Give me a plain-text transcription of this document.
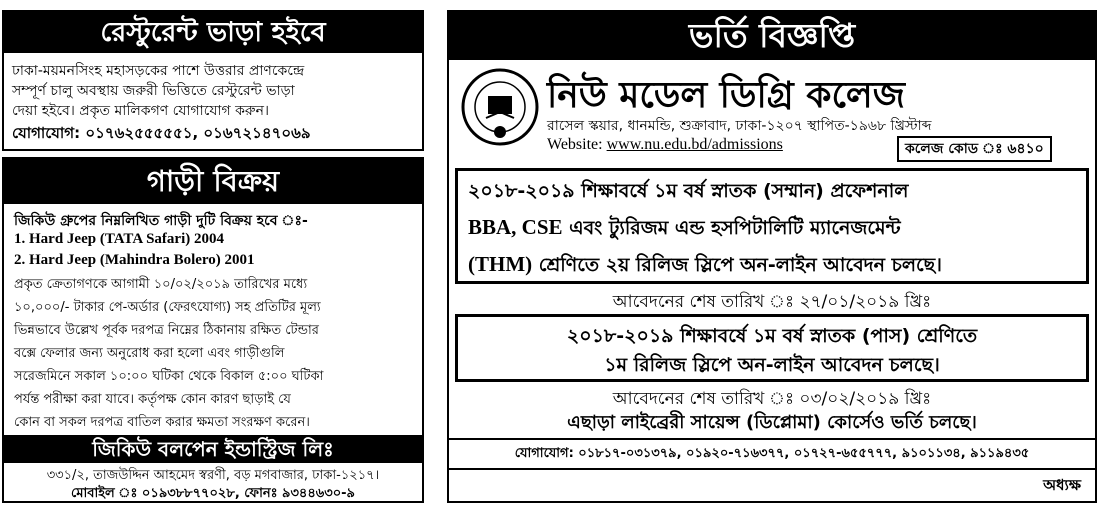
রেস্টুরেন্ট ভাড়া হইবে
ঢাকা-ময়মনসিংহ মহাসড়কের পাশে উত্তরার প্রাণকেন্দ্রে
সম্পূর্ণ চালু অবস্থায় জরুরী ভিত্তিতে রেস্টুরেন্ট ভাড়া
দেয়া হইবে। প্রকৃত মালিকগণ যোগাযোগ করুন।
যোগাযোগ: ০১৭৬২৫৫৫৫৫১, ০১৬৭২১৪৭০৬৯
গাড়ী বিক্রয়
জিকিউ গ্রুপের নিম্নলিখিত গাড়ী দুটি বিক্রয় হবে ঃ-
1. Hard Jeep (TATA Safari) 2004
2. Hard Jeep (Mahindra Bolero) 2001
প্রকৃত ক্রেতাগণকে আগামী ১০/০২/২০১৯ তারিখের মধ্যে
১০,০০০/- টাকার পে-অর্ডার (ফেরৎযোগ্য) সহ প্রতিটির মূল্য
ভিন্নভাবে উল্লেখ পূর্বক দরপত্র নিম্নের ঠিকানায় রক্ষিত টেন্ডার
বক্সে ফেলার জন্য অনুরোধ করা হলো এবং গাড়ীগুলি
সরেজমিনে সকাল ১০:০০ ঘটিকা থেকে বিকাল ৫:০০ ঘটিকা
পর্যন্ত পরীক্ষা করা যাবে। কর্তৃপক্ষ কোন কারণ ছাড়াই যে
কোন বা সকল দরপত্র বাতিল করার ক্ষমতা সংরক্ষণ করেন।
জিকিউ বলপেন ইন্ডাস্ট্রিজ লিঃ
৩৩১/২, তাজউদ্দিন আহমেদ স্বরণী, বড় মগবাজার, ঢাকা-১২১৭।
মোবাইল ঃ ০১৯৩৮৮৭৭০২৮, ফোনঃ ৯৩৪৪৬৩০-৯
ভর্তি বিজ্ঞপ্তি
নিউ মডেল ডিগ্রি কলেজ
রাসেল স্কয়ার, ধানমন্ডি, শুক্রাবাদ, ঢাকা-১২০৭ স্থাপিত-১৯৬৮ খ্রিস্টাব্দ
Website: www.nu.edu.bd/admissions	কলেজ কোড ঃ ৬৪১০
২০১৮-২০১৯ শিক্ষাবর্ষে ১ম বর্ষ স্নাতক (সম্মান) প্রফেশনাল
BBA, CSE এবং ট্যুরিজম এন্ড হসপিটালিটি ম্যানেজমেন্ট
(THM) শ্রেণিতে ২য় রিলিজ স্লিপে অন-লাইন আবেদন চলছে।
আবেদনের শেষ তারিখ ঃ ২৭/০১/২০১৯ খ্রিঃ
২০১৮-২০১৯ শিক্ষাবর্ষে ১ম বর্ষ স্নাতক (পাস) শ্রেণিতে
১ম রিলিজ স্লিপে অন-লাইন আবেদন চলছে।
আবেদনের শেষ তারিখ ঃ ০৩/০২/২০১৯ খ্রিঃ
এছাড়া লাইব্রেরী সায়েন্স (ডিপ্লোমা) কোর্সেও ভর্তি চলছে।
যোগাযোগ: ০১৮১৭-০৩১৩৭৯, ০১৯২০-৭১৬৩৭৭, ০১৭২৭-৬৫৫৭৭৭, ৯১০১১৩৪, ৯১১৯৪৩৫
অধ্যক্ষ
